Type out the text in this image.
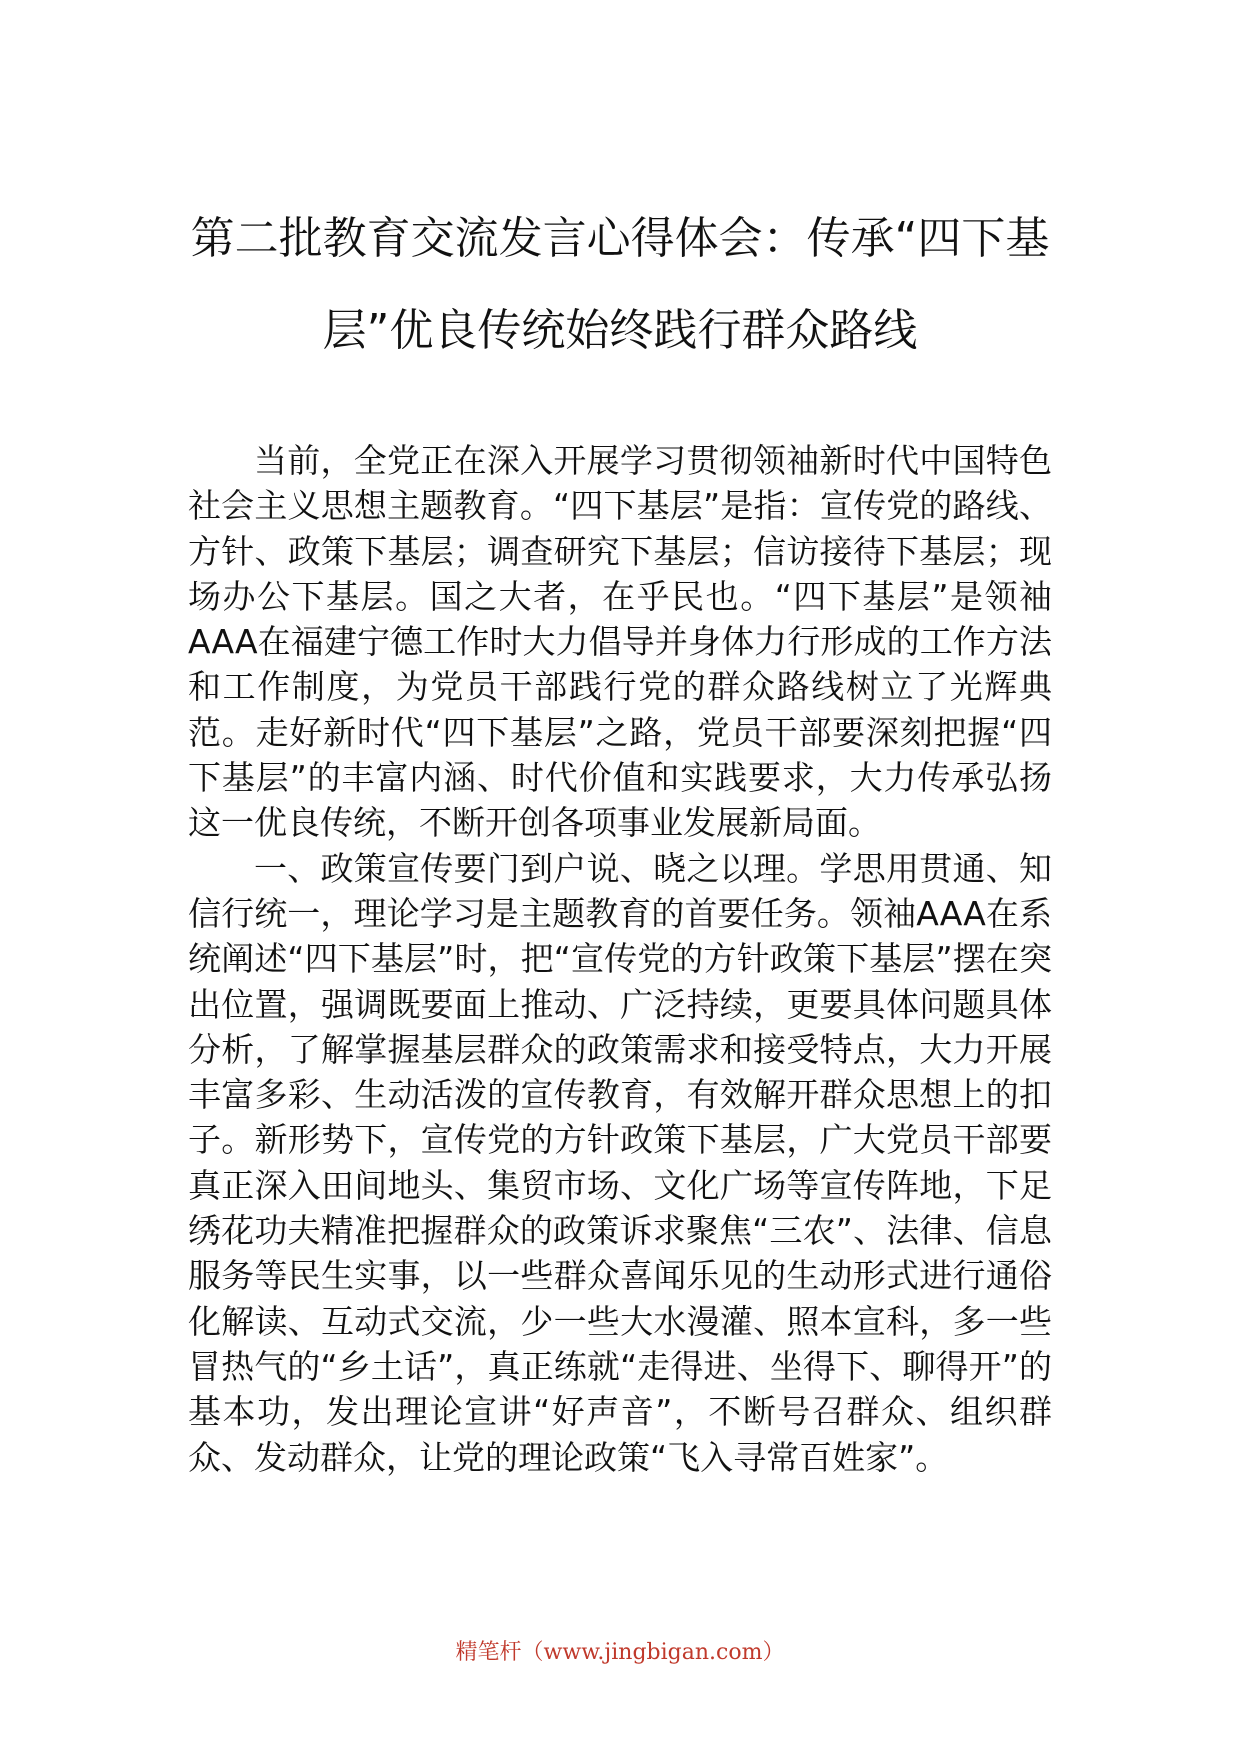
第二批教育交流发言心得体会：传承“四下基层”优良传统始终践行群众路线

当前，全党正在深入开展学习贯彻领袖新时代中国特色社会主义思想主题教育。“四下基层”是指：宣传党的路线、方针、政策下基层；调查研究下基层；信访接待下基层；现场办公下基层。国之大者，在乎民也。“四下基层”是领袖AAA在福建宁德工作时大力倡导并身体力行形成的工作方法和工作制度，为党员干部践行党的群众路线树立了光辉典范。走好新时代“四下基层”之路，党员干部要深刻把握“四下基层”的丰富内涵、时代价值和实践要求，大力传承弘扬这一优良传统，不断开创各项事业发展新局面。

一、政策宣传要门到户说、晓之以理。学思用贯通、知信行统一，理论学习是主题教育的首要任务。领袖AAA在系统阐述“四下基层”时，把“宣传党的方针政策下基层”摆在突出位置，强调既要面上推动、广泛持续，更要具体问题具体分析，了解掌握基层群众的政策需求和接受特点，大力开展丰富多彩、生动活泼的宣传教育，有效解开群众思想上的扣子。新形势下，宣传党的方针政策下基层，广大党员干部要真正深入田间地头、集贸市场、文化广场等宣传阵地，下足绣花功夫精准把握群众的政策诉求聚焦“三农”、法律、信息服务等民生实事，以一些群众喜闻乐见的生动形式进行通俗化解读、互动式交流，少一些大水漫灌、照本宣科，多一些冒热气的“乡土话”，真正练就“走得进、坐得下、聊得开”的基本功，发出理论宣讲“好声音”，不断号召群众、组织群众、发动群众，让党的理论政策“飞入寻常百姓家”。

精笔杆（www.jingbigan.com）
